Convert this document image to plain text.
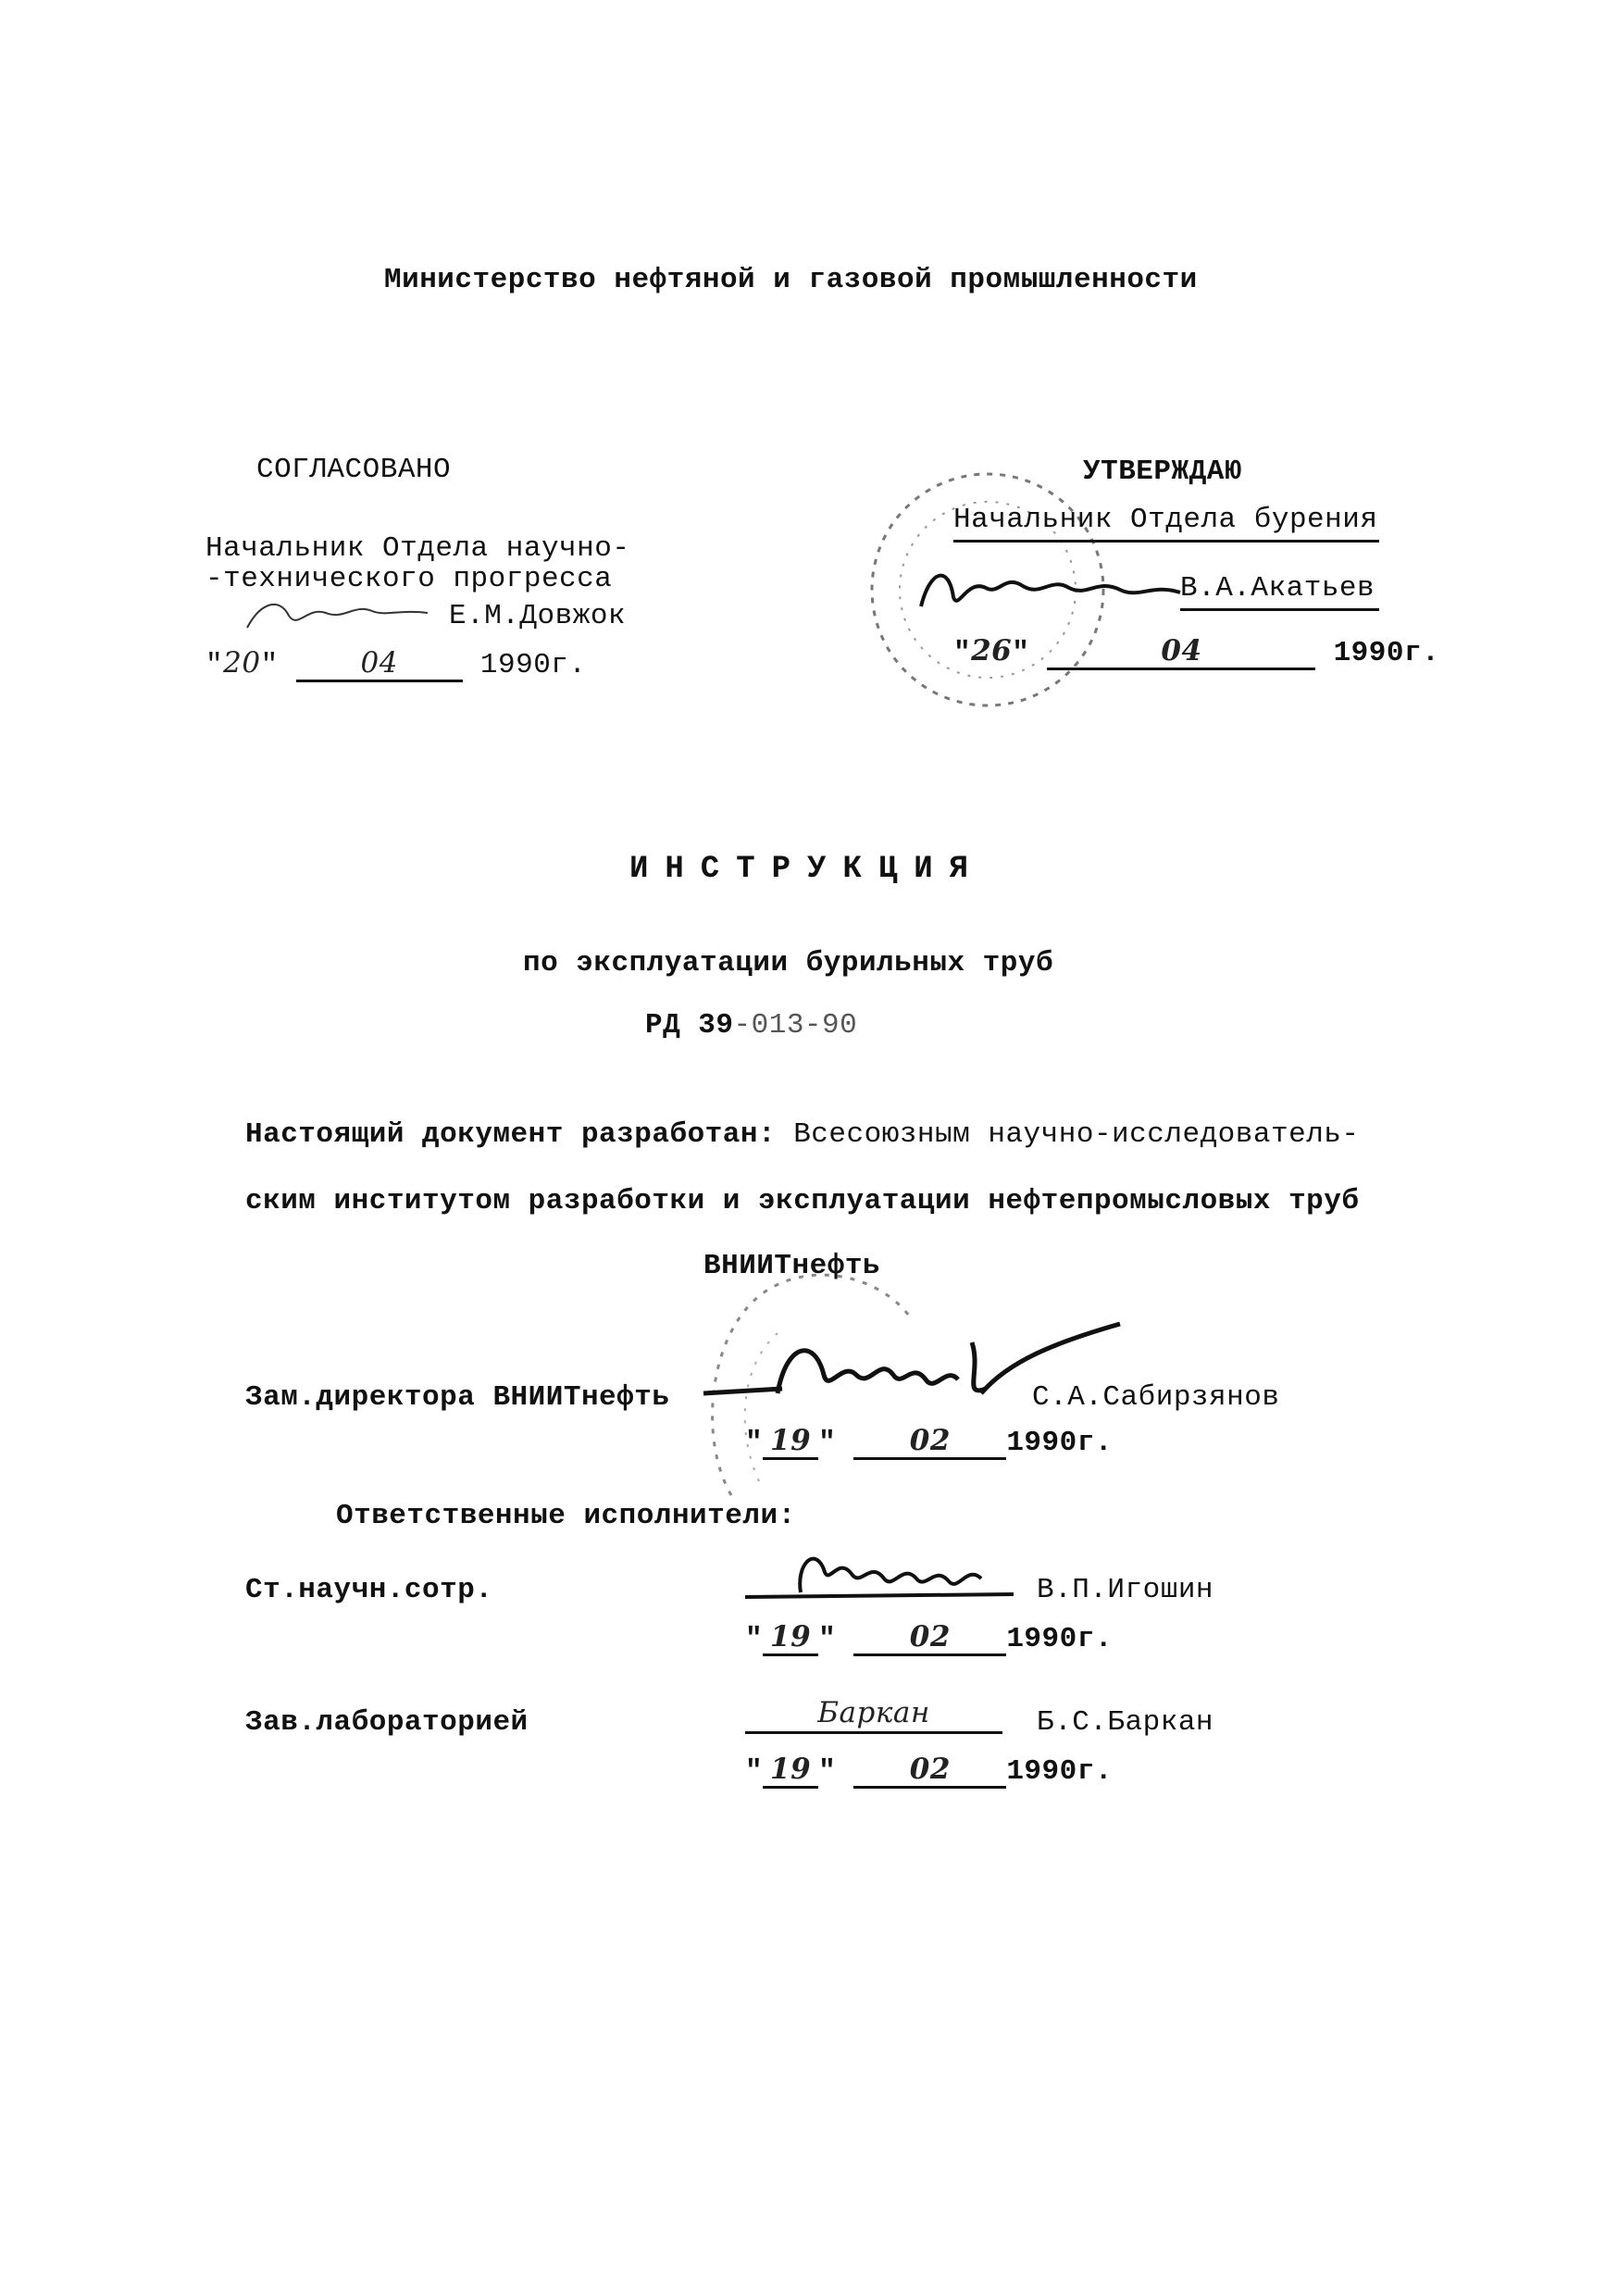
Министерство нефтяной и газовой промышленности
СОГЛАСОВАНО
Начальник Отдела научно-
-технического прогресса
Е.М.Довжок
"20"	04	1990г.
УТВЕРЖДАЮ
Начальник Отдела бурения
В.А.Акатьев
"26"	04	1990г.
ИНСТРУКЦИЯ
по эксплуатации бурильных труб
РД 39-013-90
Настоящий документ разработан: Всесоюзным научно-исследователь-
ским институтом разработки и эксплуатации нефтепромысловых труб
ВНИИТнефть
Зам.директора ВНИИТнефть	С.А.Сабирзянов
" 19 "	02 1990г.
Ответственные исполнители:
Ст.научн.сотр.	В.П.Игошин
" 19 "	02 1990г.
Зав.лабораторией	Баркан	Б.С.Баркан
" 19 "	02 1990г.
